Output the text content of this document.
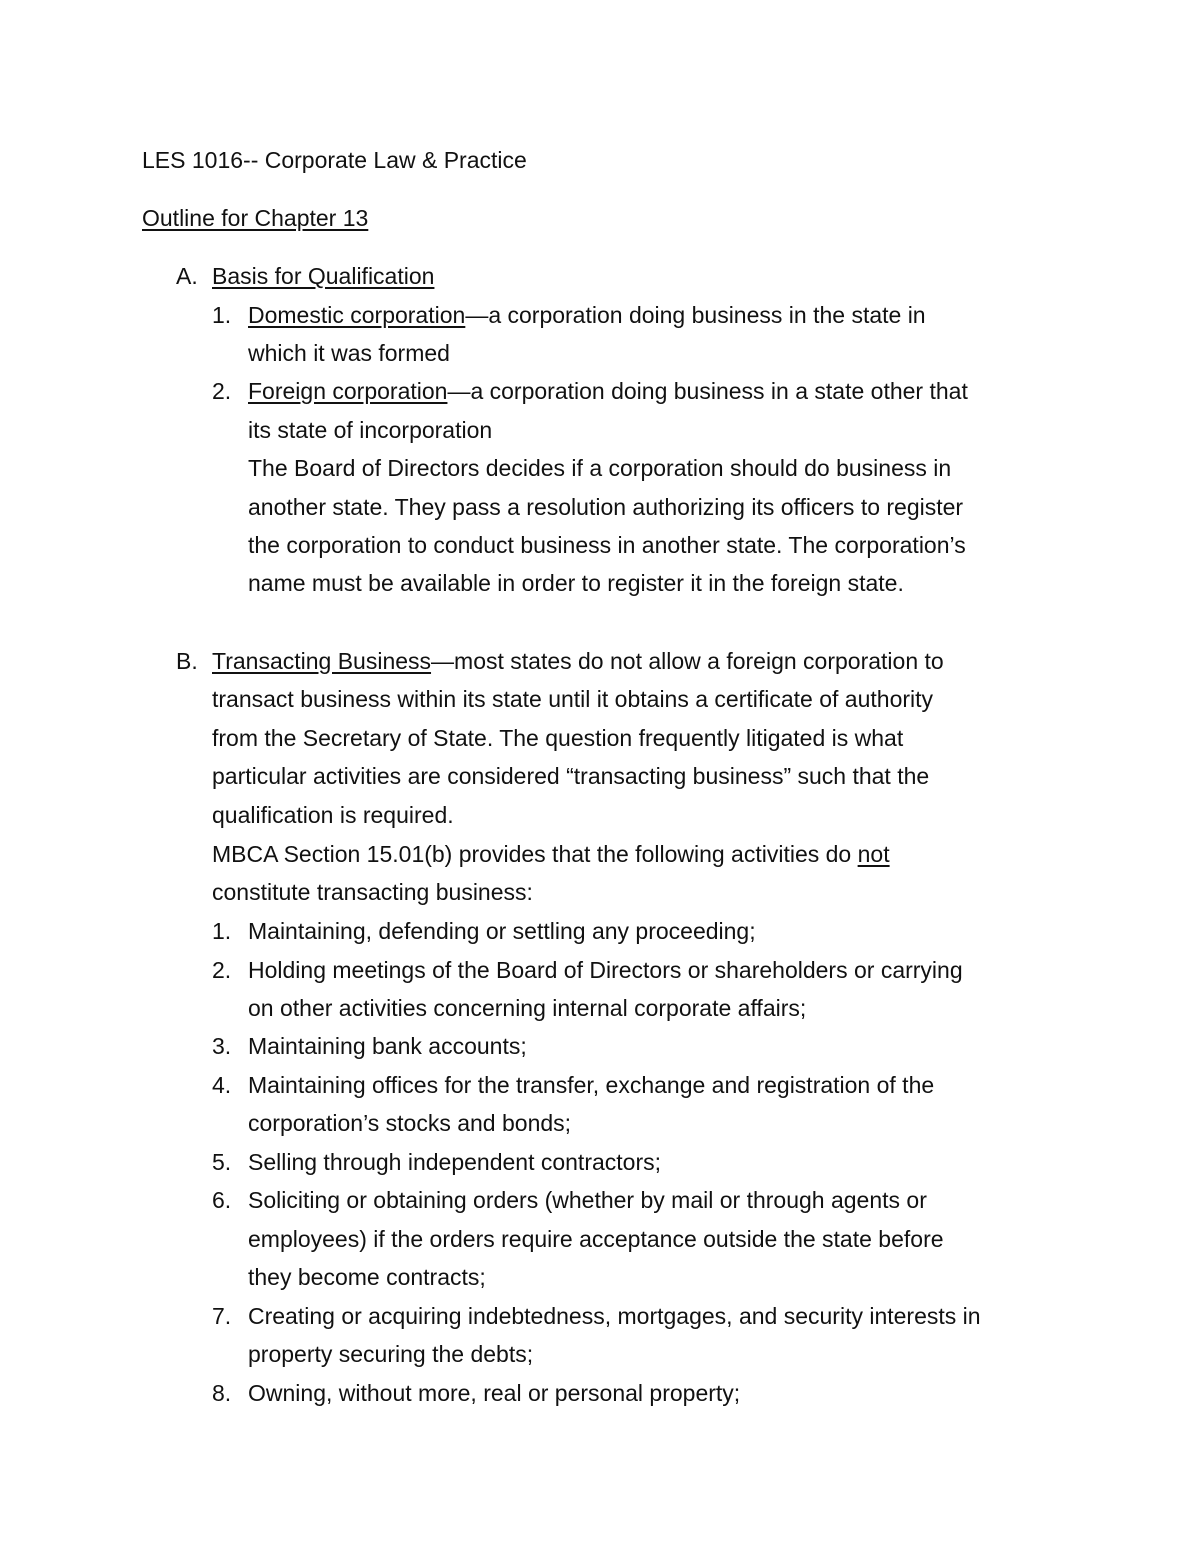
LES 1016-- Corporate Law & Practice
Outline for Chapter 13
A. Basis for Qualification
1. Domestic corporation—a corporation doing business in the state in
which it was formed
2. Foreign corporation—a corporation doing business in a state other that
its state of incorporation
The Board of Directors decides if a corporation should do business in
another state. They pass a resolution authorizing its officers to register
the corporation to conduct business in another state. The corporation’s
name must be available in order to register it in the foreign state.
B. Transacting Business—most states do not allow a foreign corporation to
transact business within its state until it obtains a certificate of authority
from the Secretary of State. The question frequently litigated is what
particular activities are considered “transacting business” such that the
qualification is required.
MBCA Section 15.01(b) provides that the following activities do not
constitute transacting business:
1. Maintaining, defending or settling any proceeding;
2. Holding meetings of the Board of Directors or shareholders or carrying
on other activities concerning internal corporate affairs;
3. Maintaining bank accounts;
4. Maintaining offices for the transfer, exchange and registration of the
corporation’s stocks and bonds;
5. Selling through independent contractors;
6. Soliciting or obtaining orders (whether by mail or through agents or
employees) if the orders require acceptance outside the state before
they become contracts;
7. Creating or acquiring indebtedness, mortgages, and security interests in
property securing the debts;
8. Owning, without more, real or personal property;
